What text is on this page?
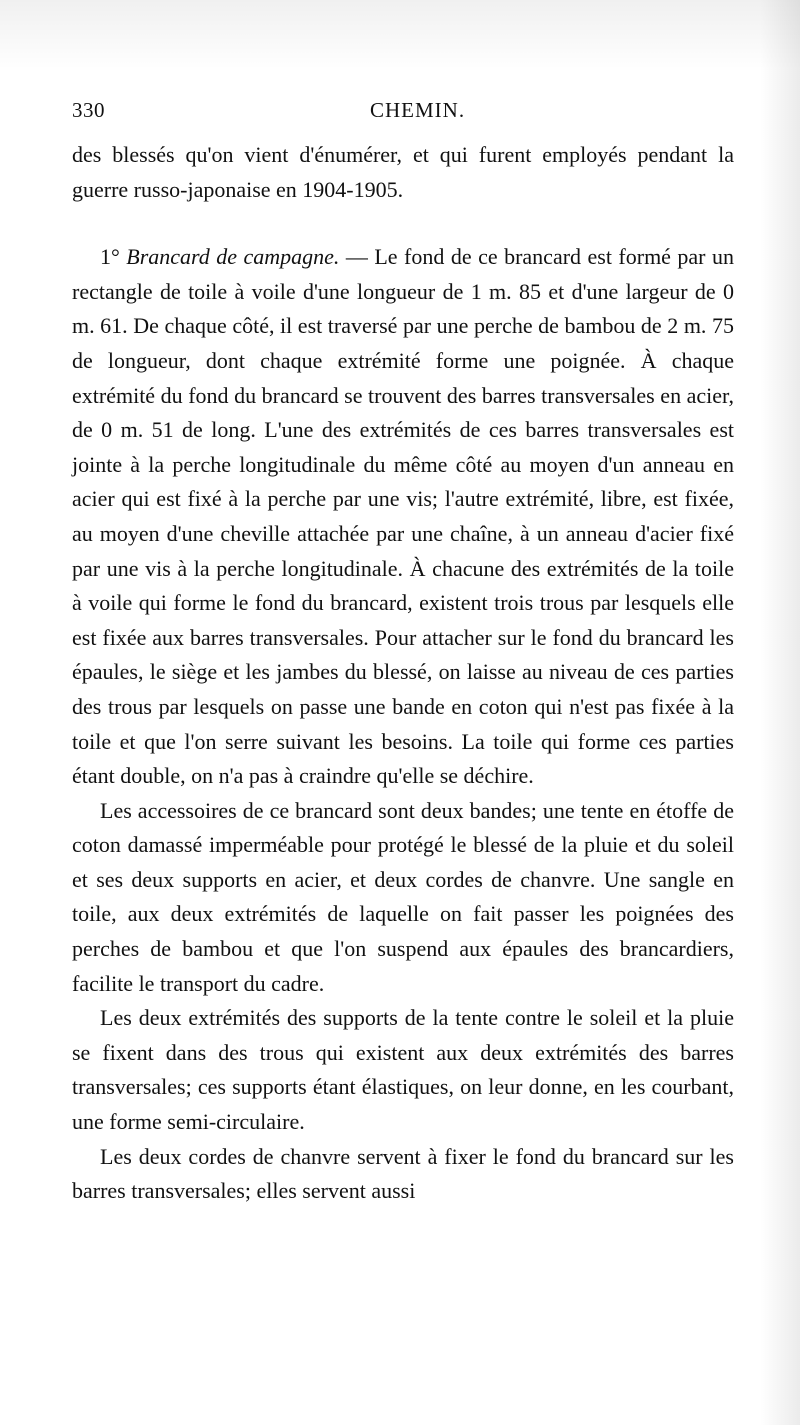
330	CHEMIN.

des blessés qu'on vient d'énumérer, et qui furent employés pendant la guerre russo-japonaise en 1904-1905.

1° Brancard de campagne. — Le fond de ce brancard est formé par un rectangle de toile à voile d'une longueur de 1 m. 85 et d'une largeur de 0 m. 61. De chaque côté, il est traversé par une perche de bambou de 2 m. 75 de longueur, dont chaque extrémité forme une poignée. À chaque extrémité du fond du brancard se trouvent des barres transversales en acier, de 0 m. 51 de long. L'une des extrémités de ces barres transversales est jointe à la perche longitudinale du même côté au moyen d'un anneau en acier qui est fixé à la perche par une vis; l'autre extrémité, libre, est fixée, au moyen d'une cheville attachée par une chaîne, à un anneau d'acier fixé par une vis à la perche longitudinale. À chacune des extrémités de la toile à voile qui forme le fond du brancard, existent trois trous par lesquels elle est fixée aux barres transversales. Pour attacher sur le fond du brancard les épaules, le siège et les jambes du blessé, on laisse au niveau de ces parties des trous par lesquels on passe une bande en coton qui n'est pas fixée à la toile et que l'on serre suivant les besoins. La toile qui forme ces parties étant double, on n'a pas à craindre qu'elle se déchire.

Les accessoires de ce brancard sont deux bandes; une tente en étoffe de coton damassé imperméable pour protégé le blessé de la pluie et du soleil et ses deux supports en acier, et deux cordes de chanvre. Une sangle en toile, aux deux extrémités de laquelle on fait passer les poignées des perches de bambou et que l'on suspend aux épaules des brancardiers, facilite le transport du cadre.

Les deux extrémités des supports de la tente contre le soleil et la pluie se fixent dans des trous qui existent aux deux extrémités des barres transversales; ces supports étant élastiques, on leur donne, en les courbant, une forme semi-circulaire.

Les deux cordes de chanvre servent à fixer le fond du brancard sur les barres transversales; elles servent aussi
